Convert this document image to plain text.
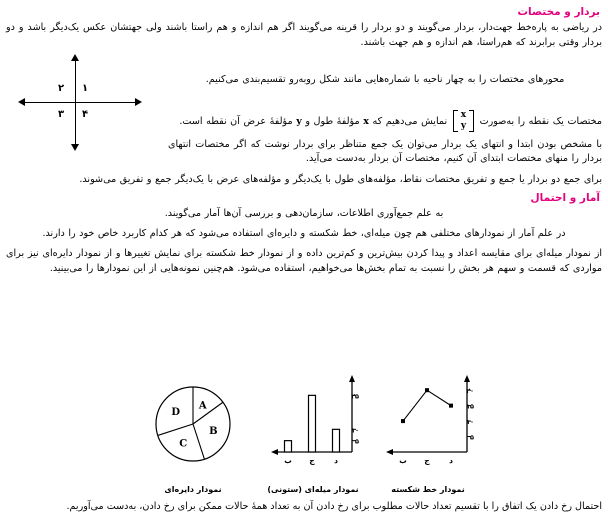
بردار و مختصات
در ریاضی به پاره‌خط جهت‌دار، بردار می‌گویند و دو بردار را قرینه می‌گویند اگر هم اندازه و هم راستا باشند ولی جهتشان عکس یک‌دیگر باشد و دو بردار وقتی برابرند که هم‌راستا، هم اندازه و هم جهت باشند.
۱
۲
۳ ۴
محورهای مختصات را به چهار ناحیه با شماره‌هایی مانند شکل روبه‌رو تقسیم‌بندی می‌کنیم.
مختصات یک نقطه را به‌صورت
x
y
نمایش می‌دهیم که x مؤلفهٔ طول و y مؤلفهٔ عرض آن نقطه است.
با مشخص بودن ابتدا و انتهای یک بردار می‌توان یک جمع متناظر برای بردار نوشت که اگر مختصات انتهای بردار را منهای مختصات ابتدای آن کنیم، مختصات آن بردار به‌دست می‌آید.
برای جمع دو بردار یا جمع و تفریق مختصات نقاط، مؤلفه‌های طول با یک‌دیگر و مؤلفه‌های عرض با یک‌دیگر جمع و تفریق می‌شوند.
آمار و احتمال
به علم جمع‌آوری اطلاعات، سازمان‌دهی و بررسی آن‌ها آمار می‌گویند.
در علم آمار از نمودارهای مختلفی هم چون میله‌ای، خط شکسته و دایره‌ای استفاده می‌شود که هر کدام کاربرد خاص خود را دارند.
از نمودار میله‌ای برای مقایسه اعداد و پیدا کردن بیش‌ترین و کم‌ترین داده و از نمودار خط شکسته برای نمایش تغییرها و از نمودار دایره‌ای نیز برای مواردی که قسمت و سهم هر بخش را نسبت به تمام بخش‌ها می‌خواهیم، استفاده می‌شود. هم‌چنین نمونه‌هایی از این نمودارها را می‌بینید.
A
B
C
D
نمودار دایره‌ای
۵
۱۰
۲۵
د
ج
ب
نمودار میله‌ای (ستونی)
۵
۱۰
۱۵
۲۰
د
ج
ب
نمودار خط شکسته
احتمال رخ دادن یک اتفاق را با تقسیم تعداد حالات مطلوب برای رخ دادن آن به تعداد همهٔ حالات ممکن برای رخ دادن، به‌دست می‌آوریم.
